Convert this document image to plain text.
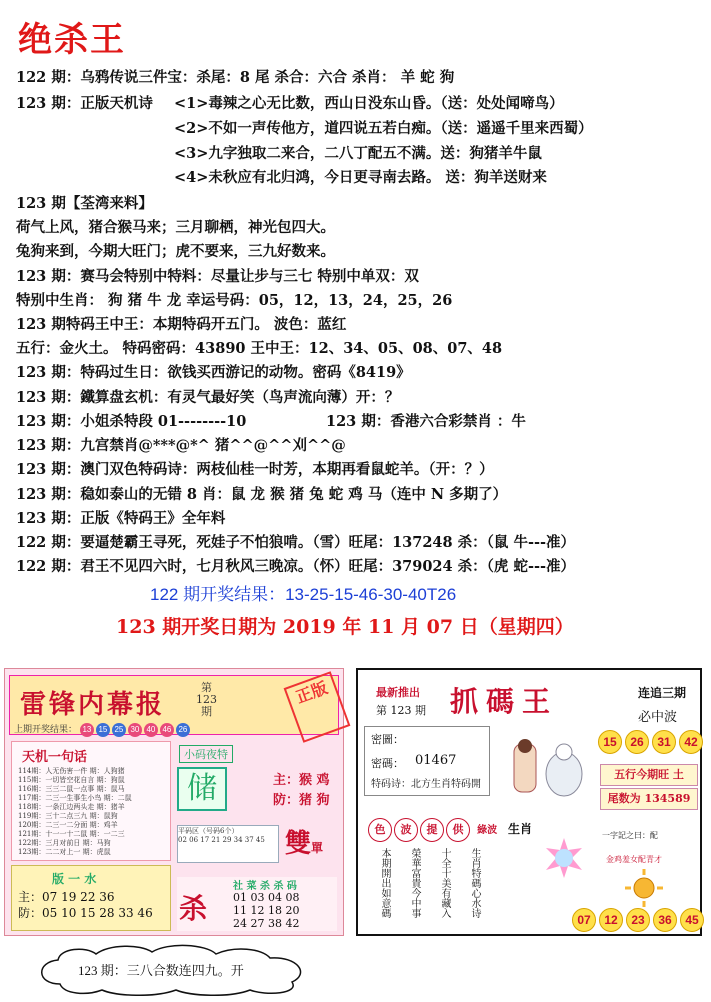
绝杀王
122 期：乌鸦传说三件宝：杀尾：8 尾 杀合：六合 杀肖： 羊 蛇 狗
123 期：正版天机诗 <1>毒辣之心无比数，西山日没东山昏。（送：处处闻啼鸟）
<2>不如一声传他方，道四说五若白痴。（送：遥遥千里来西蜀）
<3>九字独取二来合，二八丁配五不满。送：狗猪羊牛鼠
<4>未秋应有北归鸿，今日更寻南去路。 送：狗羊送财来
123 期【荃湾来料】
荷气上风，猪合猴马来；三月聊栖，神光包四大。
兔狗来到，今期大旺门；虎不要来，三九好数来。
123 期：赛马会特别中特料：尽量让步与三七 特别中单双：双
特别中生肖： 狗 猪 牛 龙 幸运号码：05，12，13，24，25，26
123 期特码王中王：本期特码开五门。 波色：蓝红
五行：金火土。 特码密码：43890 王中王：12、34、05、08、07、48
123 期：特码过生日：欲钱买西游记的动物。密码《8419》
123 期：鐵算盘玄机：有灵气最好笑（鸟声流向薄）开：？
123 期：小姐杀特段 01--------10	123 期：香港六合彩禁肖 ：牛
123 期：九宫禁肖@***@*^ 猪^^@^^刈^^@
123 期：澳门双色特码诗：两枝仙桂一时芳，本期再看鼠蛇羊。（开：？）
123 期：稳如泰山的无错 8 肖：鼠 龙 猴 猪 兔 蛇 鸡 马（连中 N 多期了）
123 期：正版《特码王》全年料
122 期：要逼楚霸王寻死，死娃子不怕狼啃。（雪）旺尾：137248 杀：（鼠 牛---准）
122 期：君王不见四六时，七月秋风三晚凉。（怀）旺尾：379024 杀：（虎 蛇---准）
122 期开奖结果：13-25-15-46-30-40T26
123 期开奖日期为 2019 年 11 月 07 日（星期四）
雷锋内幕报
第
123
期
正版
上期开奖结果： 13 15 25 30 40 46 26
天机一句话
114期：人无伤害一件 期：人狗猪
115期：一切皆空花自言 期：狗鼠
116期：三三二鼠一点事 期：鼠马
117期：二三一生事生小鸟 期：二鼠
118期：一条江边两头走 期：猪羊
119期：三十二点三九 期：鼠狗
120期：二三一二分面 期：鸡羊
121期：十一一十二鼠 期：一二三
122期：三月对前日 期：马狗
123期：二二对上一 期：虎鼠
小码夜特
储	主：猴 鸡
防：猪 狗
平码区（号码6个）
02 06 17 21 29 34 37 45 雙單
版 一 水
主：07 19 22 36
防：05 10 15 28 33 46 杀
社 菜 杀 杀 码
01 03 04 08
11 12 18 20
24 27 38 42
最新推出
第 123 期 抓碼王	连追三期
必中波
密圖：
密碼： 01467
特码诗：北方生肖特码開
15 26 31 42
五行今期旺 土
尾数为 134589
色 波 提 供 綠波 生肖
本期開出如意碼 榮華富貴今中事 十全十美有藏入 生肖特碼心水诗
一字記之曰：配
金鸡羞女配青才
07 12 23 36 45
123 期：三八合数连四九。开
